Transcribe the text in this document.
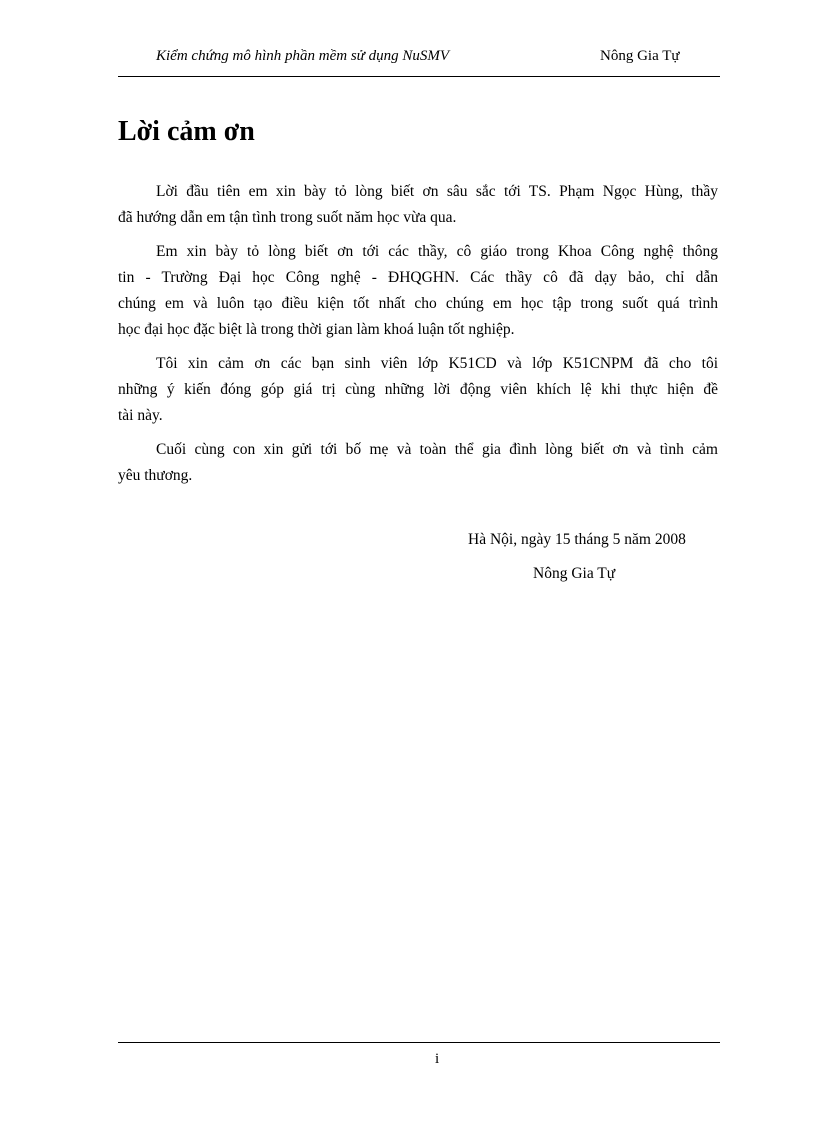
Kiểm chứng mô hình phần mềm sử dụng NuSMV	Nông Gia Tự
Lời cảm ơn

Lời đầu tiên em xin bày tỏ lòng biết ơn sâu sắc tới TS. Phạm Ngọc Hùng, thầy
đã hướng dẫn em tận tình trong suốt năm học vừa qua.

Em xin bày tỏ lòng biết ơn tới các thầy, cô giáo trong Khoa Công nghệ thông
tin - Trường Đại học Công nghệ - ĐHQGHN. Các thầy cô đã dạy bảo, chỉ dẫn
chúng em và luôn tạo điều kiện tốt nhất cho chúng em học tập trong suốt quá trình
học đại học đặc biệt là trong thời gian làm khoá luận tốt nghiệp.

Tôi xin cảm ơn các bạn sinh viên lớp K51CD và lớp K51CNPM đã cho tôi
những ý kiến đóng góp giá trị cùng những lời động viên khích lệ khi thực hiện đề
tài này.

Cuối cùng con xin gửi tới bố mẹ và toàn thể gia đình lòng biết ơn và tình cảm
yêu thương.

Hà Nội, ngày 15 tháng 5 năm 2008
Nông Gia Tự
i
